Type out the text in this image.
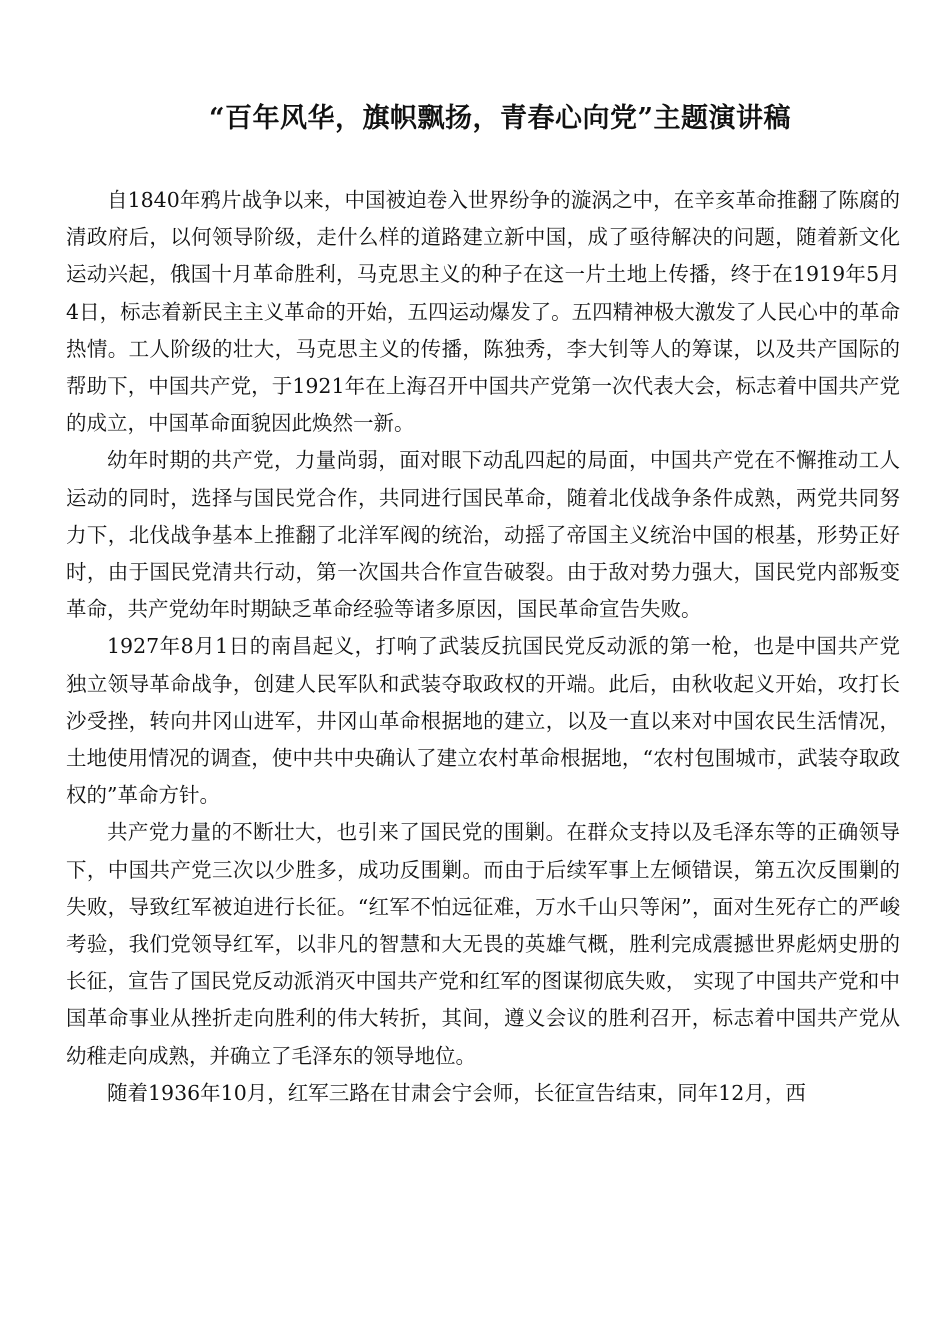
“百年风华，旗帜飘扬，青春心向党”主题演讲稿

自1840年鸦片战争以来，中国被迫卷入世界纷争的漩涡之中，在辛亥革命推翻了陈腐的清政府后，以何领导阶级，走什么样的道路建立新中国，成了亟待解决的问题，随着新文化运动兴起，俄国十月革命胜利，马克思主义的种子在这一片土地上传播，终于在1919年5月4日，标志着新民主主义革命的开始，五四运动爆发了。五四精神极大激发了人民心中的革命热情。工人阶级的壮大，马克思主义的传播，陈独秀，李大钊等人的筹谋，以及共产国际的帮助下，中国共产党，于1921年在上海召开中国共产党第一次代表大会，标志着中国共产党的成立，中国革命面貌因此焕然一新。

幼年时期的共产党，力量尚弱，面对眼下动乱四起的局面，中国共产党在不懈推动工人运动的同时，选择与国民党合作，共同进行国民革命，随着北伐战争条件成熟，两党共同努力下，北伐战争基本上推翻了北洋军阀的统治，动摇了帝国主义统治中国的根基，形势正好时，由于国民党清共行动，第一次国共合作宣告破裂。由于敌对势力强大，国民党内部叛变革命，共产党幼年时期缺乏革命经验等诸多原因，国民革命宣告失败。

1927年8月1日的南昌起义，打响了武装反抗国民党反动派的第一枪，也是中国共产党独立领导革命战争，创建人民军队和武装夺取政权的开端。此后，由秋收起义开始，攻打长沙受挫，转向井冈山进军，井冈山革命根据地的建立，以及一直以来对中国农民生活情况，土地使用情况的调查，使中共中央确认了建立农村革命根据地，“农村包围城市，武装夺取政权的”革命方针。

共产党力量的不断壮大，也引来了国民党的围剿。在群众支持以及毛泽东等的正确领导下，中国共产党三次以少胜多，成功反围剿。而由于后续军事上左倾错误，第五次反围剿的失败，导致红军被迫进行长征。“红军不怕远征难，万水千山只等闲”，面对生死存亡的严峻考验，我们党领导红军，以非凡的智慧和大无畏的英雄气概，胜利完成震撼世界彪炳史册的长征，宣告了国民党反动派消灭中国共产党和红军的图谋彻底失败， 实现了中国共产党和中国革命事业从挫折走向胜利的伟大转折，其间，遵义会议的胜利召开，标志着中国共产党从幼稚走向成熟，并确立了毛泽东的领导地位。

随着1936年10月，红军三路在甘肃会宁会师，长征宣告结束，同年12月，西
